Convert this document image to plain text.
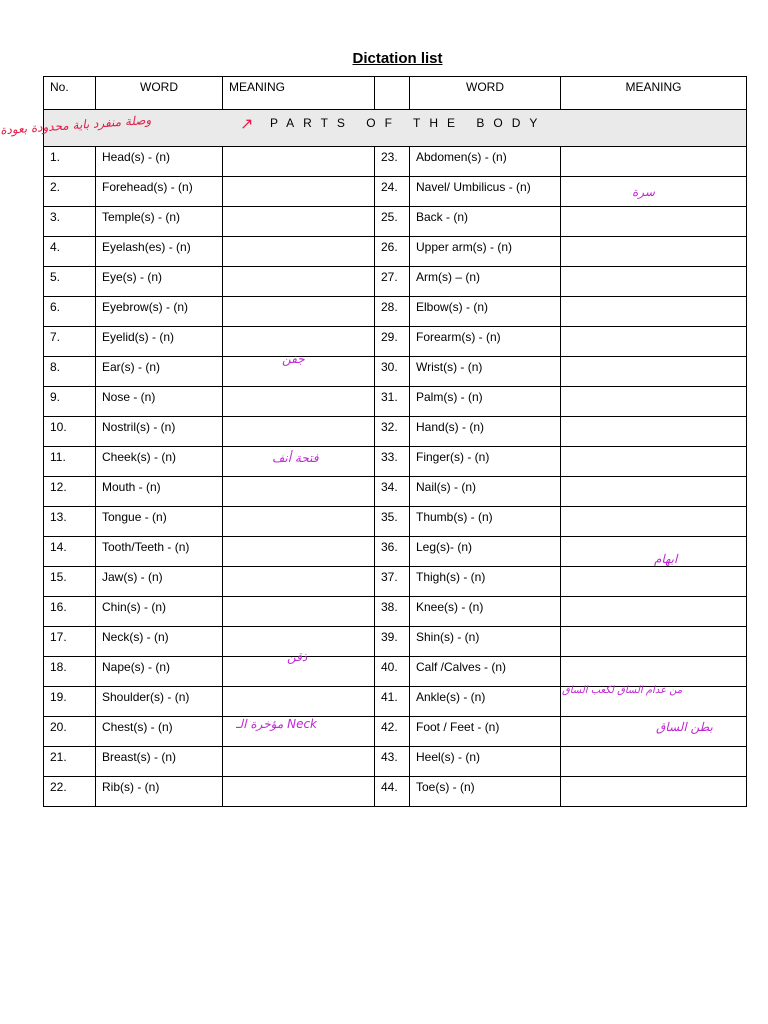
Dictation list
No.	WORD	MEANING		WORD	MEANING
PARTS OF THE BODY					
1.	Head(s) - (n)		23.	Abdomen(s) - (n)	
2.	Forehead(s) - (n)		24.	Navel/ Umbilicus - (n)	
3.	Temple(s) - (n)		25.	Back - (n)	
4.	Eyelash(es) - (n)		26.	Upper arm(s) - (n)	
5.	Eye(s) - (n)		27.	Arm(s) – (n)	
6.	Eyebrow(s) - (n)		28.	Elbow(s) - (n)	
7.	Eyelid(s) - (n)		29.	Forearm(s) - (n)	
8.	Ear(s) - (n)		30.	Wrist(s) - (n)	
9.	Nose - (n)		31.	Palm(s) - (n)	
10.	Nostril(s) - (n)		32.	Hand(s) - (n)	
11.	Cheek(s) - (n)		33.	Finger(s) - (n)	
12.	Mouth - (n)		34.	Nail(s) - (n)	
13.	Tongue - (n)		35.	Thumb(s) - (n)	
14.	Tooth/Teeth - (n)		36.	Leg(s)- (n)	
15.	Jaw(s) - (n)		37.	Thigh(s) - (n)	
16.	Chin(s) - (n)		38.	Knee(s) - (n)	
17.	Neck(s) - (n)		39.	Shin(s) - (n)	
18.	Nape(s) - (n)		40.	Calf /Calves - (n)	
19.	Shoulder(s) - (n)		41.	Ankle(s) - (n)	
20.	Chest(s) - (n)		42.	Foot / Feet - (n)	
21.	Breast(s) - (n)		43.	Heel(s) - (n)	
22.	Rib(s) - (n)		44.	Toe(s) - (n)	
وصلة منفرد باية محدودة بعودة	↗
جفن
فتحة أنف
ذقن
مؤخرة الـ Neck
سرة
ابهام
من عدام الساق لكعب الساق
بطن الساق
